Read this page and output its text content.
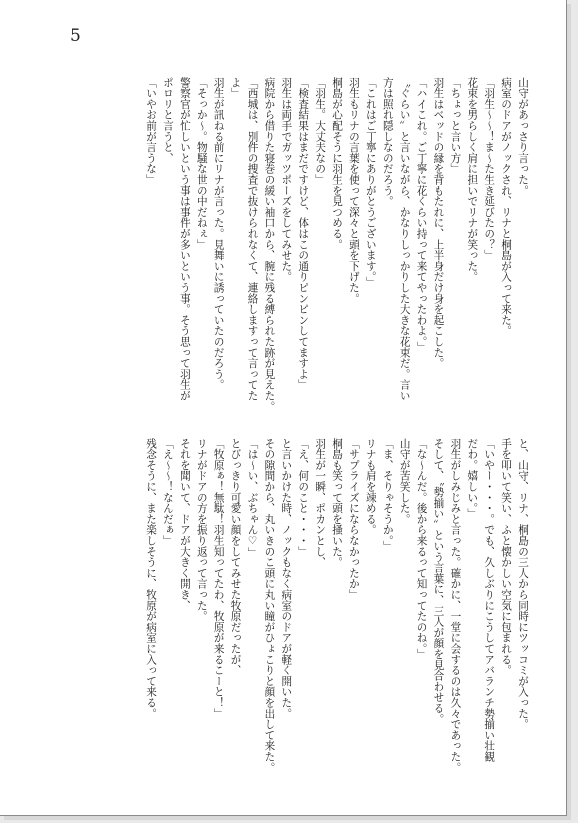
5
山守があっさり言った。
病室のドアがノックされ、リナと桐島が入って来た。
「羽生〜〜！ま〜た生き延びたの？」
花束を男らしく肩に担いでリナが笑った。
「ちょっと言い方」
羽生はベッドの縁を背もたれに、上半身だけ身を起こした。
「ハイこれ。ご丁寧に花くらい持って来てやったわよ。」
〝ぐらい〟と言いながら、かなりしっかりした大きな花束だ。言い
方は照れ隠しなのだろう。
「これはご丁寧にありがとうございます。」
羽生もリナの言葉を使って深々と頭を下げた。
桐島が心配そうに羽生を見つめる。
「羽生。大丈夫なの」
「検査結果はまだですけど、体はこの通りピンピンしてますよ」
羽生は両手でガッツポーズをしてみせた。
病院から借りた寝巻の緩い袖口から、腕に残る縛られた跡が見えた。
「西城は、別件の捜査で抜けられなくて、連絡しますって言ってた
よ」
羽生が訊ねる前にリナが言った。見舞いに誘っていたのだろう。
「そっか〜。物騒な世の中だねぇ」
警察官が忙しいという事は事件が多いという事。そう思って羽生が
ポロリと言うと、
「いやお前が言うな」
と、山守、リナ、桐島の三人から同時にツッコミが入った。
手を叩いて笑い、ふと懐かしい空気に包まれる。
「いやー・・・。でも、久しぶりにこうしてアバランチ勢揃い壮観
だわ。嬉しい。」
羽生がしみじみと言った。確かに、一堂に会するのは久々であった。
そして、〝勢揃い〟という言葉に、三人が顔を見合わせる。
「な〜んだ。後から来るって知ってたのね。」
山守が苦笑した。
「ま、そりゃそうか。」
リナも肩を竦める。
「サプライズにならなかったか」
桐島も笑って頭を掻いた。
羽生が一瞬、ポカンとし、
「え、何のこと・・・」
と言いかけた時、ノックもなく病室のドアが軽く開いた。
その隙間から、丸いきのこ頭に丸い瞳がひょこりと顔を出して来た。
「は〜い、ぶちゃん♡」
とびっきり可愛い顔をしてみせた牧原だったが、
「牧原ぁ！無駄！羽生知ってたわ、牧原が来るこーと！」
リナがドアの方を振り返って言った。
それを聞いて、ドアが大きく開き、
「え〜〜！なんだぁ」
残念そうに、また楽しそうに、牧原が病室に入って来る。
